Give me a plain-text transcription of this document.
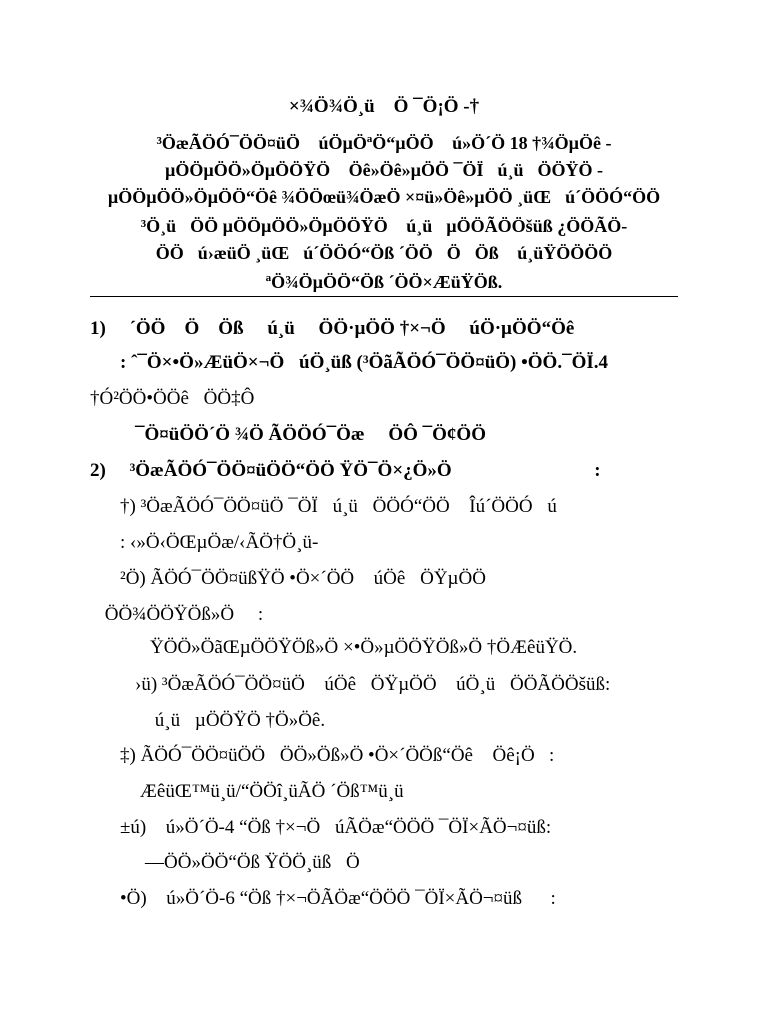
×¾Ö¾Ö¸ü    Ö ¯Ö¡Ö -†
³ÖæÃÖÓ¯ÖÖ¤üÖ  úÖµÖªÖ“µÖÖ  ú»Ö´Ö 18 †¾ÖµÖê -
µÖÖµÖÖ»ÖµÖÖŸÖ  Öê»Öê»µÖÖ ¯ÖÏ ú¸ü ÖÖŸÖ -
µÖÖµÖÖ»ÖµÖÖ“Öê ¾ÖÖœü¾ÖæÖ ×¤ü»Öê»µÖÖ ¸üŒ ú´ÖÖÓ“ÖÖ
³Ö¸ü ÖÖ µÖÖµÖÖ»ÖµÖÖŸÖ  ú¸ü µÖÖÃÖÖšüß ¿ÖÖÃÖ-
ÖÖ ú›æüÖ ¸üŒ ú´ÖÖÓ“Öß ´ÖÖ Ö Öß  ú¸üŸÖÖÖÖ
ªÖ¾ÖµÖÖ“Öß ´ÖÖ×ÆüŸÖß.
1)     ´ÖÖ    Ö    Öß     ú¸ü     ÖÖ·µÖÖ †×¬Ö     úÖ·µÖÖ“Öê
: ˆ¯Ö×•Ö»ÆüÖ×¬Ö úÖ¸üß (³ÖãÃÖÓ¯ÖÖ¤üÖ) •ÖÖ.¯ÖÏ.4
†Ó²ÖÖ•ÖÖê ÖÖ‡Ô
¯Ö¤üÖÖ´Ö ¾Ö ÃÖÖÓ¯Öæ     ÖÔ ¯Ö¢ÖÖ
2)     ³ÖæÃÖÓ¯ÖÖ¤üÖÖ“ÖÖ ŸÖ¯Ö×¿Ö»Ö                              :
†) ³ÖæÃÖÓ¯ÖÖ¤üÖ ¯ÖÏ ú¸ü ÖÖÓ“ÖÖ  Îú´ÖÖÓ ú
: ‹»Ö‹ÖŒµÖæ/‹ÃÖ†Ö¸ü-
²Ö) ÃÖÓ¯ÖÖ¤üßŸÖ •Ö×´ÖÖ  úÖê ÖŸµÖÖ
 ÖÖ¾ÖÖŸÖß»Ö     :
ŸÖÖ»ÖãŒµÖÖŸÖß»Ö ×•Ö»µÖÖŸÖß»Ö †ÖÆêüŸÖ.
›ü) ³ÖæÃÖÓ¯ÖÖ¤üÖ  úÖê ÖŸµÖÖ  úÖ¸ü ÖÖÃÖÖšüß:
 ú¸ü µÖÖŸÖ †Ö»Öê.
‡) ÃÖÓ¯ÖÖ¤üÖÖ ÖÖ»Öß»Ö •Ö×´ÖÖß“Öê  Öê¡Ö   :
ÆêüŒ™ü¸ü/“ÖÖî¸üÃÖ ´Öß™ü¸ü
±ú)  ú»Ö´Ö-4 “Öß †×¬Ö úÃÖæ“ÖÖÖ ¯ÖÏ×ÃÖ¬¤üß:
—ÖÖ»ÖÖ“Öß ŸÖÖ¸üß Ö
•Ö)  ú»Ö´Ö-6 “Öß †×¬ÖÃÖæ“ÖÖÖ ¯ÖÏ×ÃÖ¬¤üß      :
